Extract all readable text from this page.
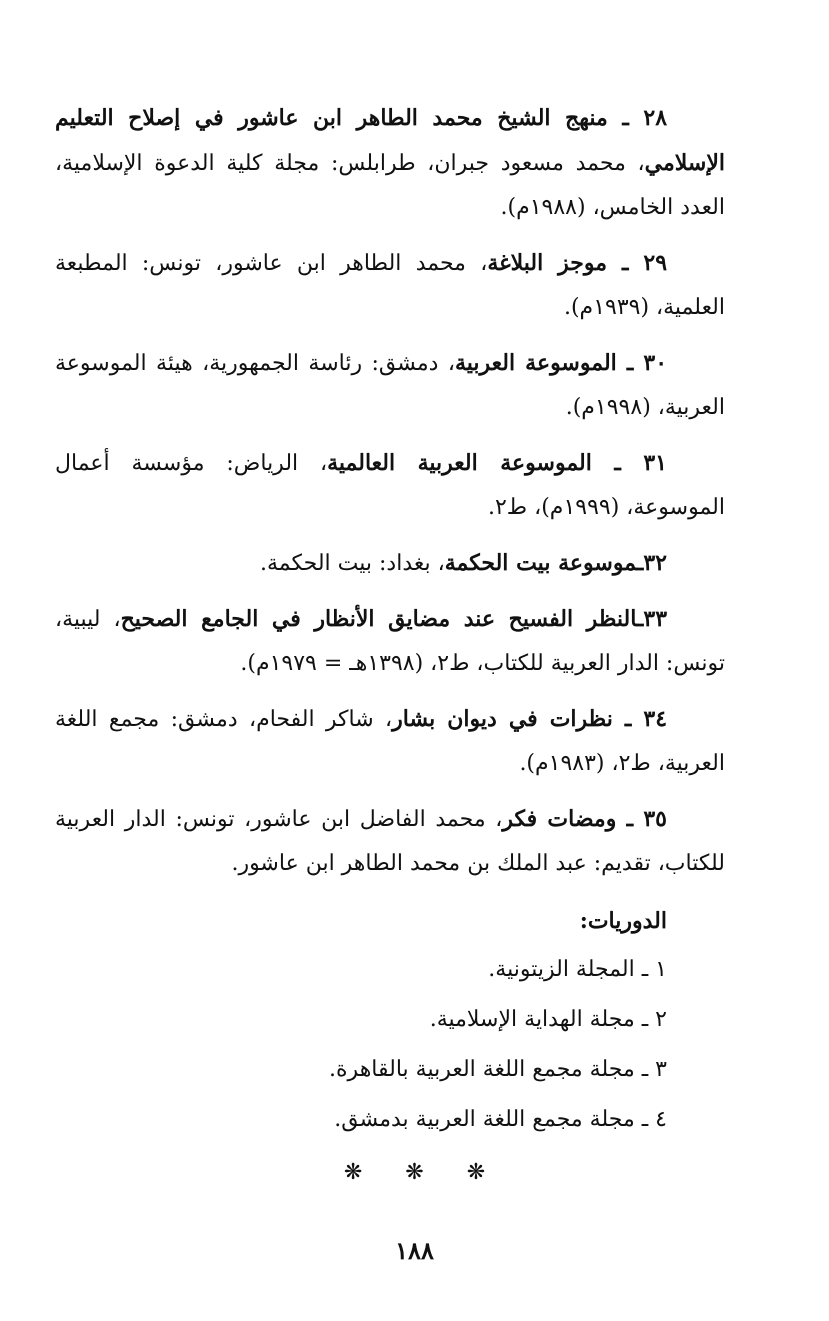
٢٨ ـ منهج الشيخ محمد الطاهر ابن عاشور في إصلاح التعليم الإسلامي، محمد مسعود جبران، طرابلس: مجلة كلية الدعوة الإسلامية، العدد الخامس، (١٩٨٨م).

٢٩ ـ موجز البلاغة، محمد الطاهر ابن عاشور، تونس: المطبعة العلمية، (١٩٣٩م).

٣٠ ـ الموسوعة العربية، دمشق: رئاسة الجمهورية، هيئة الموسوعة العربية، (١٩٩٨م).

٣١ ـ الموسوعة العربية العالمية، الرياض: مؤسسة أعمال الموسوعة، (١٩٩٩م)، ط٢.

٣٢ـموسوعة بيت الحكمة، بغداد: بيت الحكمة.

٣٣ـالنظر الفسيح عند مضايق الأنظار في الجامع الصحيح، ليبية، تونس: الدار العربية للكتاب، ط٢، (١٣٩٨هـ = ١٩٧٩م).

٣٤ ـ نظرات في ديوان بشار، شاكر الفحام، دمشق: مجمع اللغة العربية، ط٢، (١٩٨٣م).

٣٥ ـ ومضات فكر، محمد الفاضل ابن عاشور، تونس: الدار العربية للكتاب، تقديم: عبد الملك بن محمد الطاهر ابن عاشور.

الدوريات:

١ ـ المجلة الزيتونية.

٢ ـ مجلة الهداية الإسلامية.

٣ ـ مجلة مجمع اللغة العربية بالقاهرة.

٤ ـ مجلة مجمع اللغة العربية بدمشق.

❋ ❋ ❋
١٨٨
